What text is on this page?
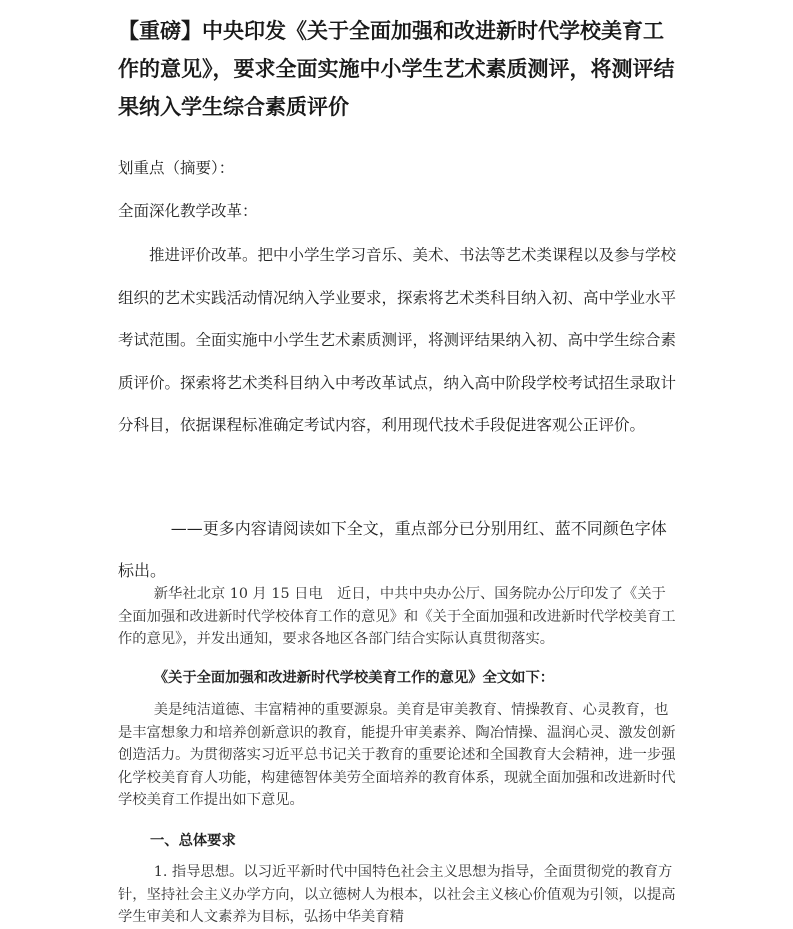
【重磅】中央印发《关于全面加强和改进新时代学校美育工作的意见》，要求全面实施中小学生艺术素质测评，将测评结果纳入学生综合素质评价

划重点（摘要）：

全面深化教学改革：

推进评价改革。把中小学生学习音乐、美术、书法等艺术类课程以及参与学校组织的艺术实践活动情况纳入学业要求，探索将艺术类科目纳入初、高中学业水平考试范围。全面实施中小学生艺术素质测评，将测评结果纳入初、高中学生综合素质评价。探索将艺术类科目纳入中考改革试点，纳入高中阶段学校考试招生录取计分科目，依据课程标准确定考试内容，利用现代技术手段促进客观公正评价。

——更多内容请阅读如下全文，重点部分已分别用红、蓝不同颜色字体标出。

新华社北京 10 月 15 日电　近日，中共中央办公厅、国务院办公厅印发了《关于全面加强和改进新时代学校体育工作的意见》和《关于全面加强和改进新时代学校美育工作的意见》，并发出通知，要求各地区各部门结合实际认真贯彻落实。

《关于全面加强和改进新时代学校美育工作的意见》全文如下：

美是纯洁道德、丰富精神的重要源泉。美育是审美教育、情操教育、心灵教育，也是丰富想象力和培养创新意识的教育，能提升审美素养、陶冶情操、温润心灵、激发创新创造活力。为贯彻落实习近平总书记关于教育的重要论述和全国教育大会精神，进一步强化学校美育育人功能，构建德智体美劳全面培养的教育体系，现就全面加强和改进新时代学校美育工作提出如下意见。

一、总体要求

1. 指导思想。以习近平新时代中国特色社会主义思想为指导，全面贯彻党的教育方针，坚持社会主义办学方向，以立德树人为根本，以社会主义核心价值观为引领，以提高学生审美和人文素养为目标，弘扬中华美育精
